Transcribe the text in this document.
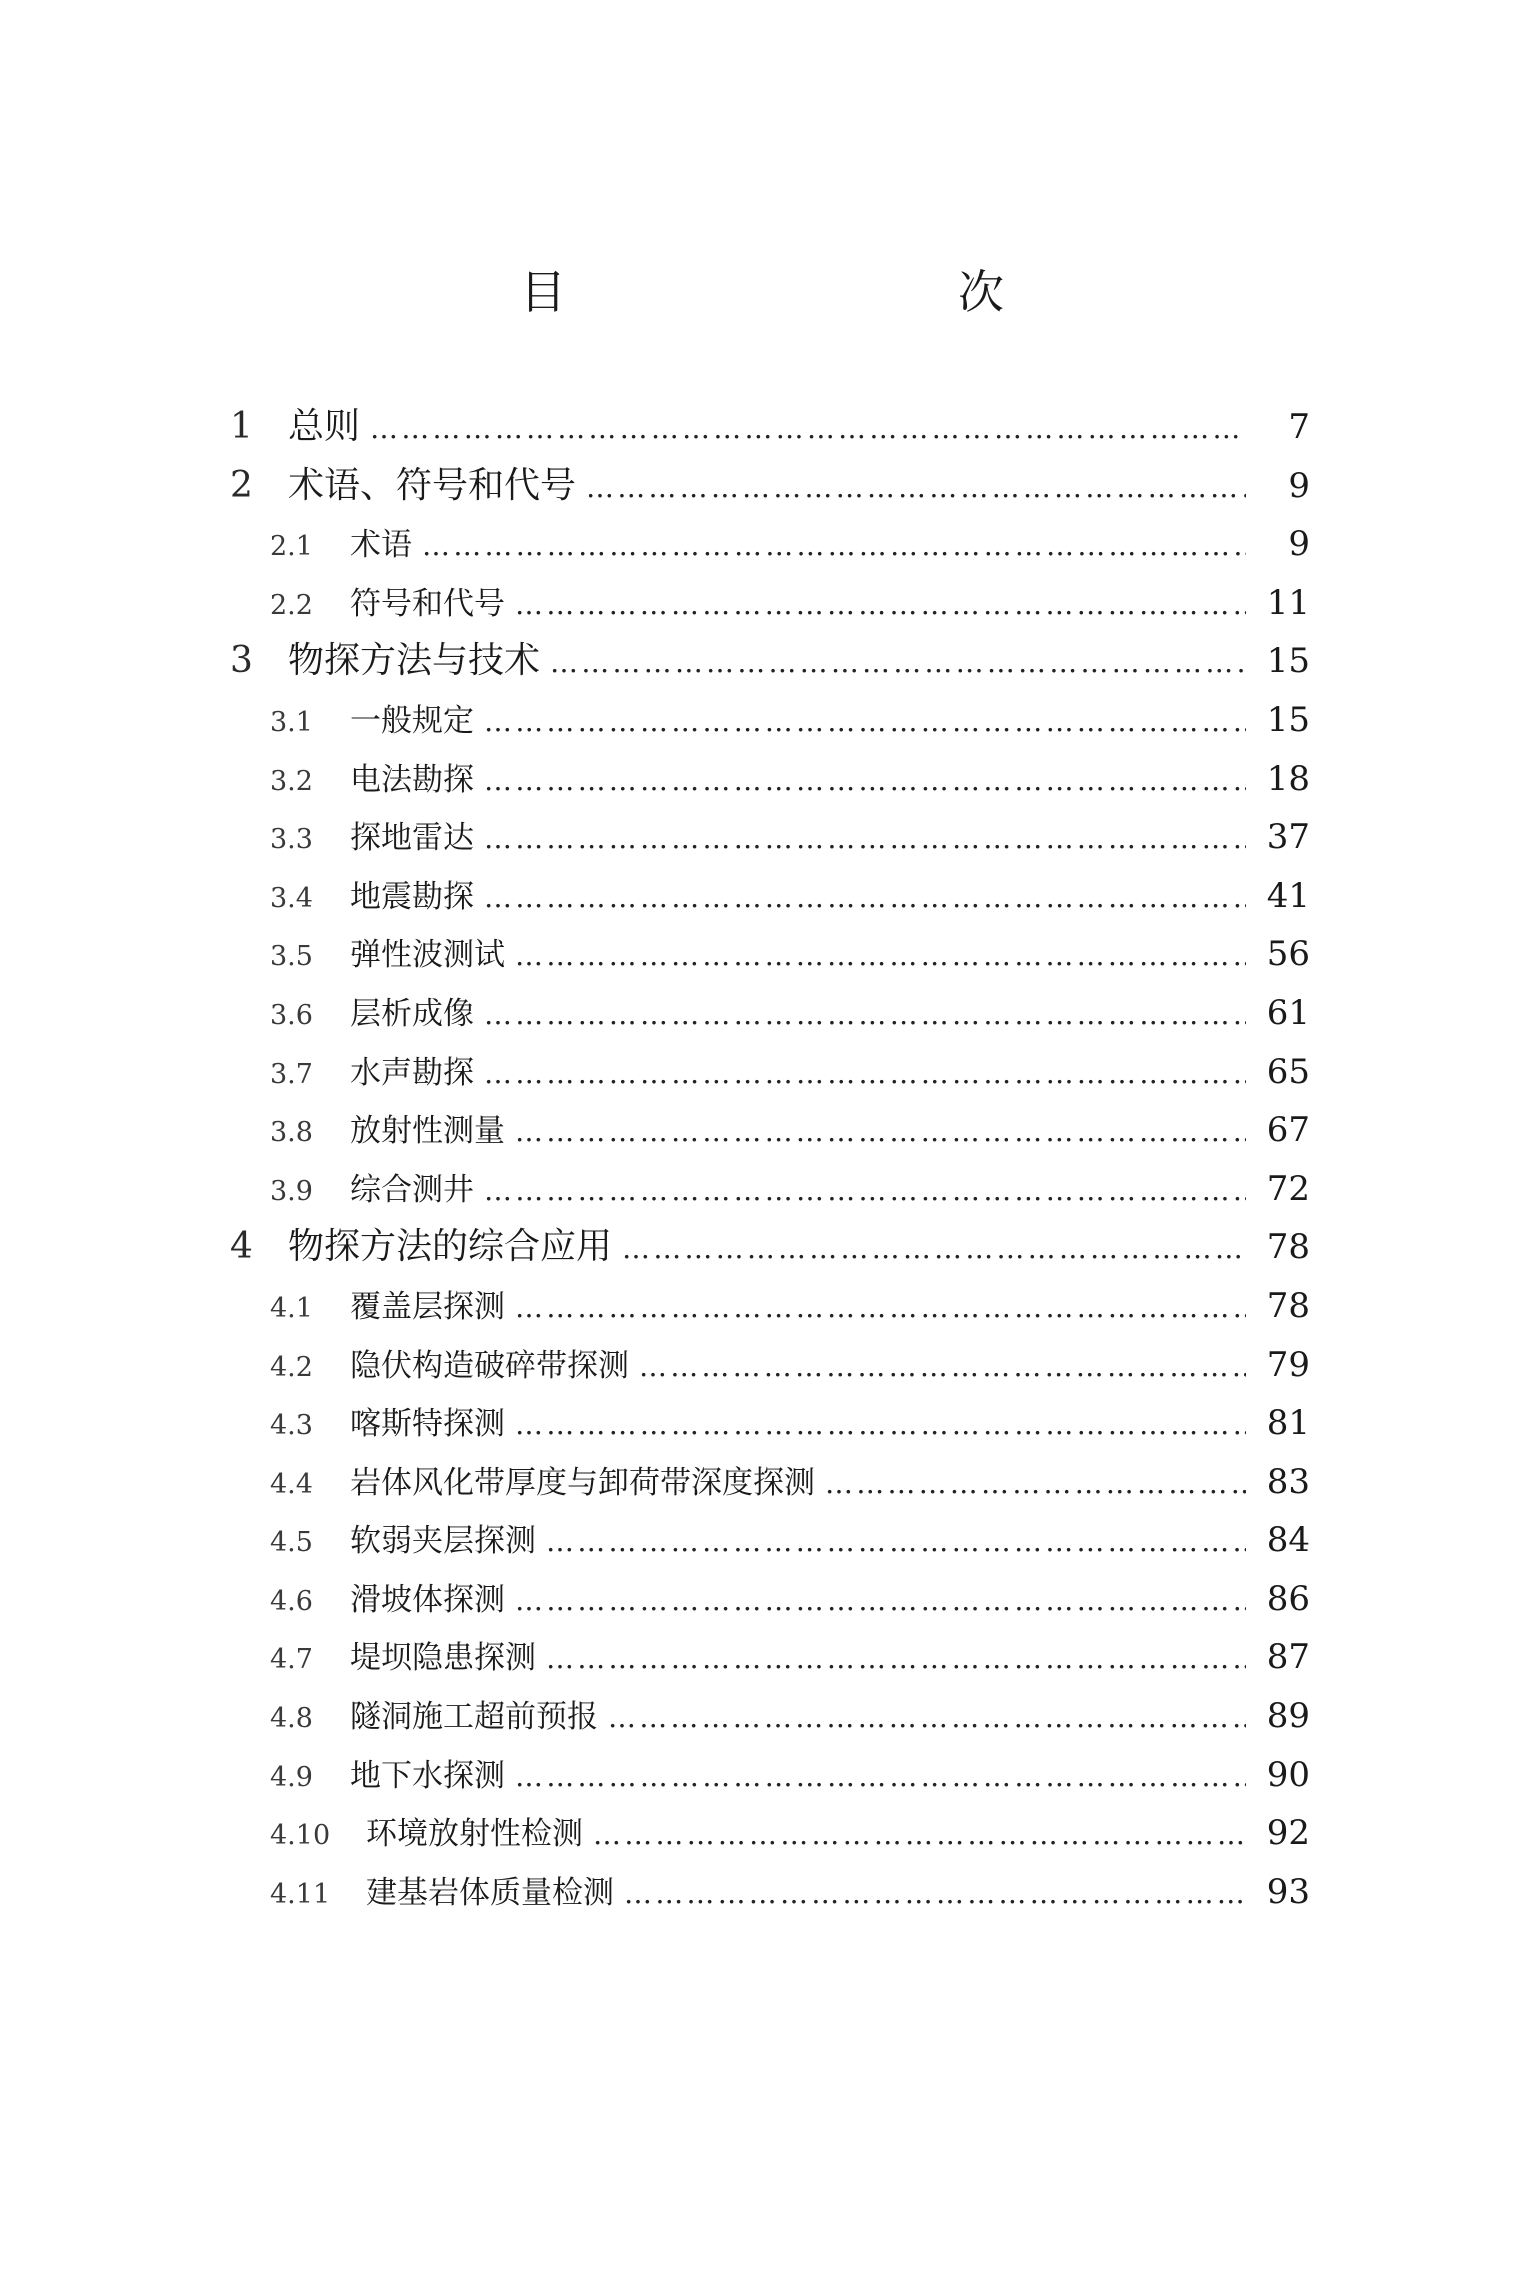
目　　次
1 总则 ……………………………………………………………………………………………………………………………………………………………………………………	7
2 术语、符号和代号 ……………………………………………………………………………………………………………………………………………………………………………………	9
2.1	术语 ……………………………………………………………………………………………………………………………………………………………………………………	9
2.2	符号和代号 ……………………………………………………………………………………………………………………………………………………………………………………	11
3 物探方法与技术 ……………………………………………………………………………………………………………………………………………………………………………………	15
3.1	一般规定 ……………………………………………………………………………………………………………………………………………………………………………………	15
3.2	电法勘探 ……………………………………………………………………………………………………………………………………………………………………………………	18
3.3	探地雷达 ……………………………………………………………………………………………………………………………………………………………………………………	37
3.4	地震勘探 ……………………………………………………………………………………………………………………………………………………………………………………	41
3.5	弹性波测试 ……………………………………………………………………………………………………………………………………………………………………………………	56
3.6	层析成像 ……………………………………………………………………………………………………………………………………………………………………………………	61
3.7	水声勘探 ……………………………………………………………………………………………………………………………………………………………………………………	65
3.8	放射性测量 ……………………………………………………………………………………………………………………………………………………………………………………	67
3.9	综合测井 ……………………………………………………………………………………………………………………………………………………………………………………	72
4 物探方法的综合应用 ……………………………………………………………………………………………………………………………………………………………………………………	78
4.1	覆盖层探测 ……………………………………………………………………………………………………………………………………………………………………………………	78
4.2	隐伏构造破碎带探测 ……………………………………………………………………………………………………………………………………………………………………………………	79
4.3	喀斯特探测 ……………………………………………………………………………………………………………………………………………………………………………………	81
4.4	岩体风化带厚度与卸荷带深度探测 ……………………………………………………………………………………………………………………………………………………………………………………	83
4.5	软弱夹层探测 ……………………………………………………………………………………………………………………………………………………………………………………	84
4.6	滑坡体探测 ……………………………………………………………………………………………………………………………………………………………………………………	86
4.7	堤坝隐患探测 ……………………………………………………………………………………………………………………………………………………………………………………	87
4.8	隧洞施工超前预报 ……………………………………………………………………………………………………………………………………………………………………………………	89
4.9	地下水探测 ……………………………………………………………………………………………………………………………………………………………………………………	90
4.10	环境放射性检测 ……………………………………………………………………………………………………………………………………………………………………………………	92
4.11	建基岩体质量检测 ……………………………………………………………………………………………………………………………………………………………………………………	93
